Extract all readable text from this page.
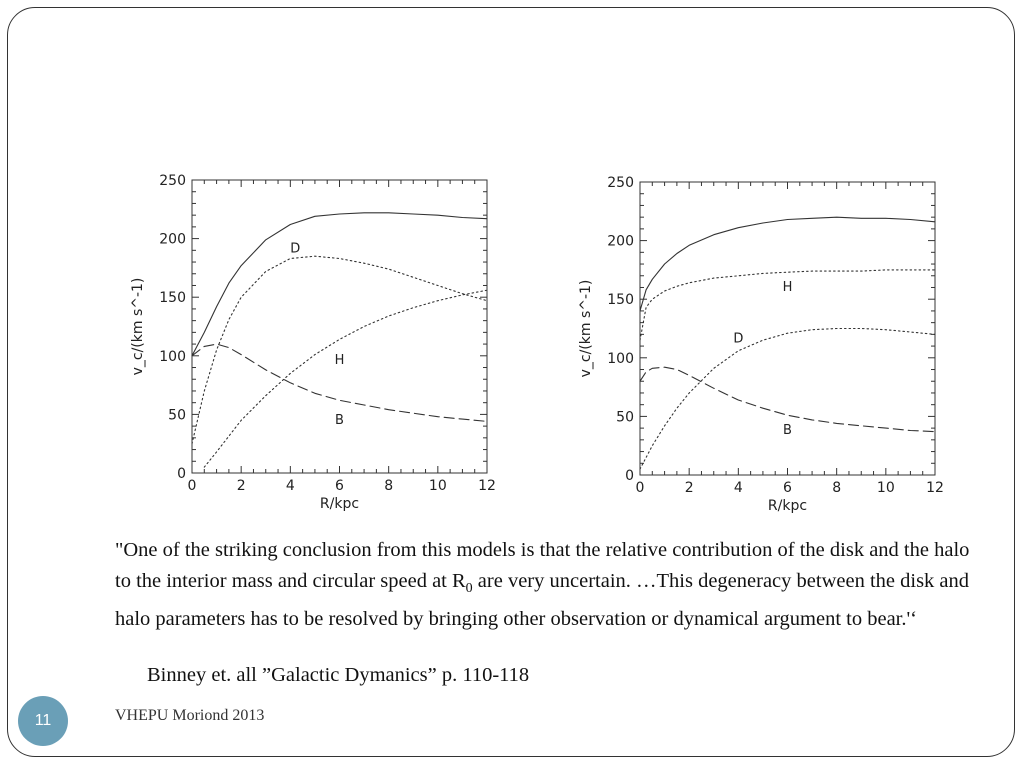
0	2	4	6	8	10 12
0
50
100
150
200
250
R/kpc
v_c/(km s^-1)
D
H
B
0	2	4	6	8	10 12
0
50
100
150
200
250
R/kpc
v_c/(km s^-1)	H
D
B
"One of the striking conclusion from this models is that the relative contribution of the disk and the halo to the interior mass and circular speed at $R_0$ are very uncertain. …This degeneracy between the disk and halo parameters has to be resolved by bringing other observation or dynamical argument to bear.'‘
Binney et. all ”Galactic Dymanics” p. 110-118
11	VHEPU Moriond 2013
